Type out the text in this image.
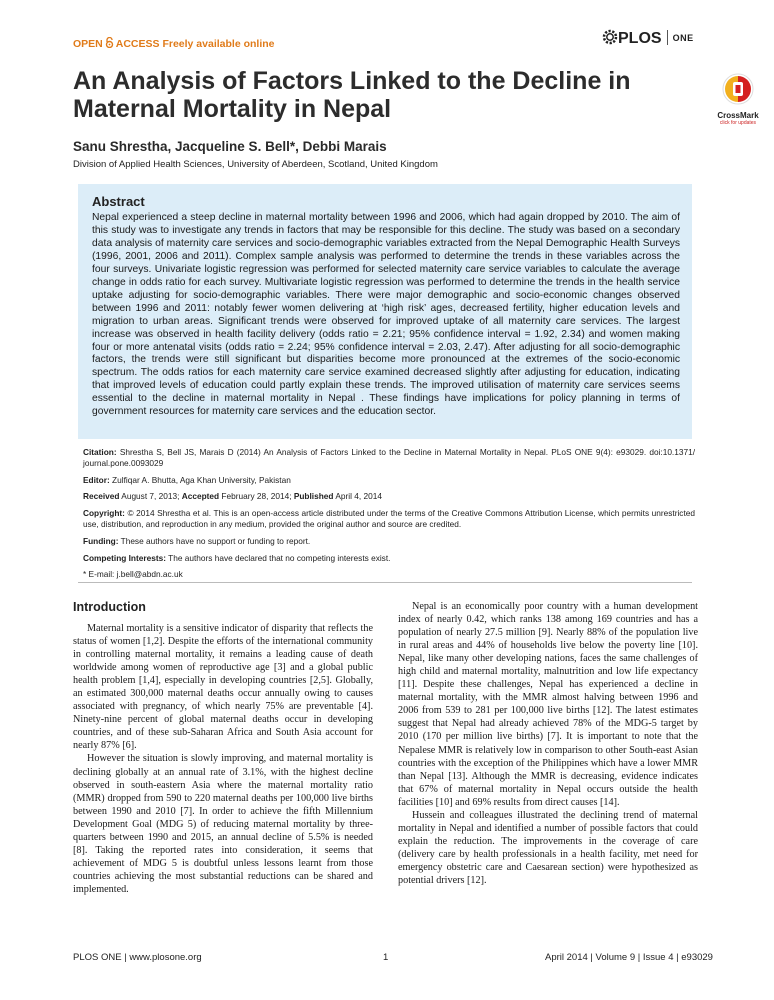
OPEN ACCESS Freely available online	PLOS ONE
An Analysis of Factors Linked to the Decline in Maternal Mortality in Nepal	CrossMark
click for updates
Sanu Shrestha, Jacqueline S. Bell*, Debbi Marais
Division of Applied Health Sciences, University of Aberdeen, Scotland, United Kingdom
Abstract
Nepal experienced a steep decline in maternal mortality between 1996 and 2006, which had again dropped by 2010. The aim of this study was to investigate any trends in factors that may be responsible for this decline. The study was based on a secondary data analysis of maternity care services and socio-demographic variables extracted from the Nepal Demographic Health Surveys (1996, 2001, 2006 and 2011). Complex sample analysis was performed to determine the trends in these variables across the four surveys. Univariate logistic regression was performed for selected maternity care service variables to calculate the average change in odds ratio for each survey. Multivariate logistic regression was performed to determine the trends in the health service uptake adjusting for socio-demographic variables. There were major demographic and socio-economic changes observed between 1996 and 2011: notably fewer women delivering at ‘high risk’ ages, decreased fertility, higher education levels and migration to urban areas. Significant trends were observed for improved uptake of all maternity care services. The largest increase was observed in health facility delivery (odds ratio = 2.21; 95% confidence interval = 1.92, 2.34) and women making four or more antenatal visits (odds ratio = 2.24; 95% confidence interval = 2.03, 2.47). After adjusting for all socio-demographic factors, the trends were still significant but disparities become more pronounced at the extremes of the socio-economic spectrum. The odds ratios for each maternity care service examined decreased slightly after adjusting for education, indicating that improved levels of education could partly explain these trends. The improved utilisation of maternity care services seems essential to the decline in maternal mortality in Nepal . These findings have implications for policy planning in terms of government resources for maternity care services and the education sector.

Citation: Shrestha S, Bell JS, Marais D (2014) An Analysis of Factors Linked to the Decline in Maternal Mortality in Nepal. PLoS ONE 9(4): e93029. doi:10.1371/ journal.pone.0093029

Editor: Zulfiqar A. Bhutta, Aga Khan University, Pakistan

Received August 7, 2013; Accepted February 28, 2014; Published April 4, 2014

Copyright: © 2014 Shrestha et al. This is an open-access article distributed under the terms of the Creative Commons Attribution License, which permits unrestricted use, distribution, and reproduction in any medium, provided the original author and source are credited.

Funding: These authors have no support or funding to report.

Competing Interests: The authors have declared that no competing interests exist.

* E-mail: j.bell@abdn.ac.uk

Introduction

Maternal mortality is a sensitive indicator of disparity that reflects the status of women [1,2]. Despite the efforts of the international community in controlling maternal mortality, it remains a leading cause of death worldwide among women of reproductive age [3] and a global public health problem [1,4], especially in developing countries [2,5]. Globally, an estimated 300,000 maternal deaths occur annually owing to causes associated with pregnancy, of which nearly 75% are preventable [4]. Ninety-nine percent of global maternal deaths occur in developing countries, and of these sub-Saharan Africa and South Asia account for nearly 87% [6].

However the situation is slowly improving, and maternal mortality is declining globally at an annual rate of 3.1%, with the highest decline observed in south-eastern Asia where the maternal mortality ratio (MMR) dropped from 590 to 220 maternal deaths per 100,000 live births between 1990 and 2010 [7]. In order to achieve the fifth Millennium Development Goal (MDG 5) of reducing maternal mortality by three-quarters between 1990 and 2015, an annual decline of 5.5% is needed [8]. Taking the reported rates into consideration, it seems that achievement of MDG 5 is doubtful unless lessons learnt from those countries achieving the most substantial reductions can be shared and implemented.

Nepal is an economically poor country with a human development index of nearly 0.42, which ranks 138 among 169 countries and has a population of nearly 27.5 million [9]. Nearly 88% of the population live in rural areas and 44% of households live below the poverty line [10]. Nepal, like many other developing nations, faces the same challenges of high child and maternal mortality, malnutrition and low life expectancy [11]. Despite these challenges, Nepal has experienced a decline in maternal mortality, with the MMR almost halving between 1996 and 2006 from 539 to 281 per 100,000 live births [12]. The latest estimates suggest that Nepal had already achieved 78% of the MDG-5 target by 2010 (170 per million live births) [7]. It is important to note that the Nepalese MMR is relatively low in comparison to other South-east Asian countries with the exception of the Philippines which have a lower MMR than Nepal [13]. Although the MMR is decreasing, evidence indicates that 67% of maternal mortality in Nepal occurs outside the health facilities [10] and 69% results from direct causes [14].

Hussein and colleagues illustrated the declining trend of maternal mortality in Nepal and identified a number of possible factors that could explain the reduction. The improvements in the coverage of care (delivery care by health professionals in a health facility, met need for emergency obstetric care and Caesarean section) were hypothesized as potential drivers [12].

PLOS ONE | www.plosone.org	1	April 2014 | Volume 9 | Issue 4 | e93029
